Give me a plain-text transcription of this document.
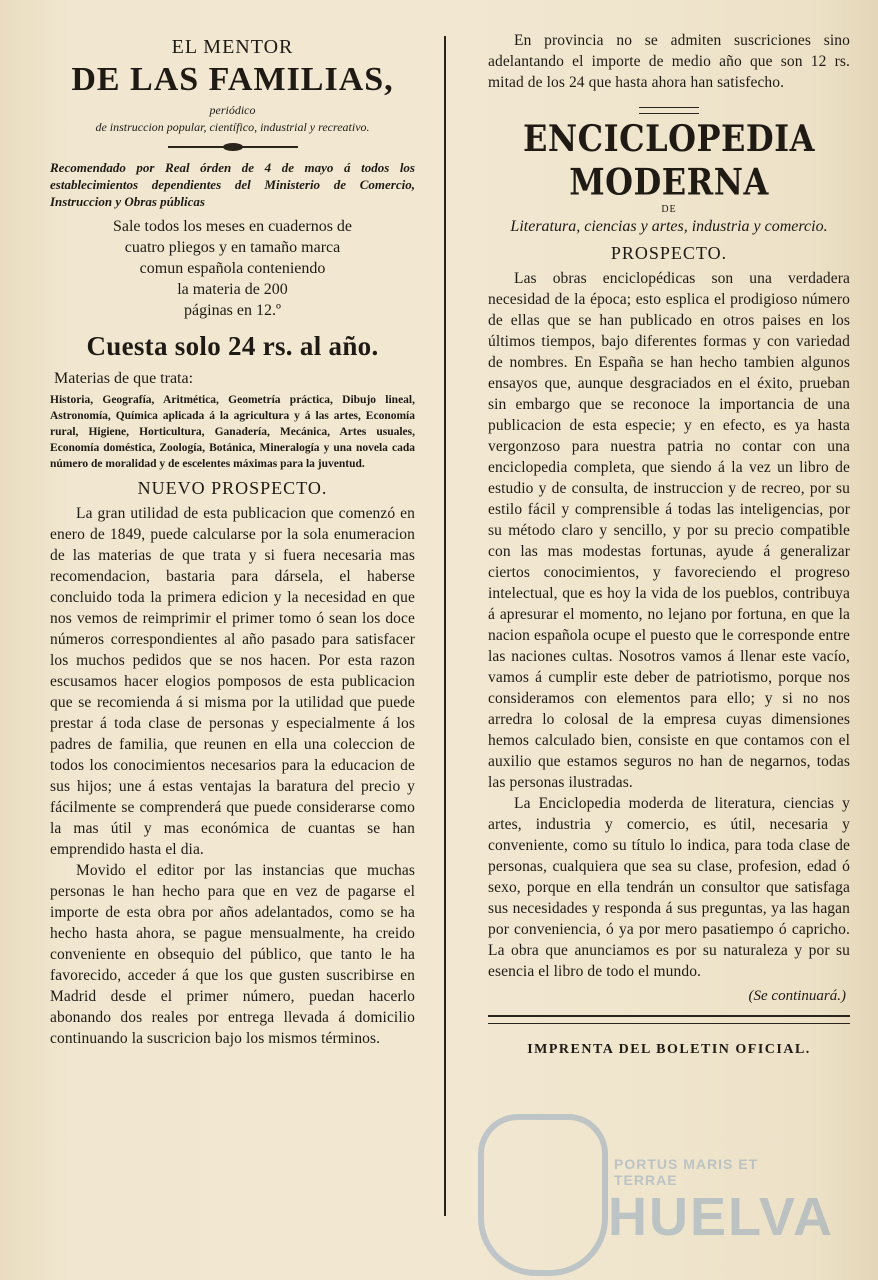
EL MENTOR
DE LAS FAMILIAS,
periódico
de instruccion popular, científico, industrial y recreativo.
Recomendado por Real órden de 4 de mayo á todos los establecimientos dependientes del Ministerio de Comercio, Instruccion y Obras públicas
Sale todos los meses en cuadernos de
cuatro pliegos y en tamaño marca
comun española conteniendo
la materia de 200
páginas en 12.º
Cuesta solo 24 rs. al año.
Materias de que trata:
Historia, Geografía, Aritmética, Geometría práctica, Dibujo lineal, Astronomía, Química aplicada á la agricultura y á las artes, Economía rural, Higiene, Horticultura, Ganadería, Mecánica, Artes usuales, Economía doméstica, Zoología, Botánica, Mineralogía y una novela cada número de moralidad y de escelentes máximas para la juventud.
NUEVO PROSPECTO.

La gran utilidad de esta publicacion que comenzó en enero de 1849, puede calcularse por la sola enumeracion de las materias de que trata y si fuera necesaria mas recomendacion, bastaria para dársela, el haberse concluido toda la primera edicion y la necesidad en que nos vemos de reimprimir el primer tomo ó sean los doce números correspondientes al año pasado para satisfacer los muchos pedidos que se nos hacen. Por esta razon escusamos hacer elogios pomposos de esta publicacion que se recomienda á si misma por la utilidad que puede prestar á toda clase de personas y especialmente á los padres de familia, que reunen en ella una coleccion de todos los conocimientos necesarios para la educacion de sus hijos; une á estas ventajas la baratura del precio y fácilmente se comprenderá que puede considerarse como la mas útil y mas económica de cuantas se han emprendido hasta el dia.

Movido el editor por las instancias que muchas personas le han hecho para que en vez de pagarse el importe de esta obra por años adelantados, como se ha hecho hasta ahora, se pague mensualmente, ha creido conveniente en obsequio del público, que tanto le ha favorecido, acceder á que los que gusten suscribirse en Madrid desde el primer número, puedan hacerlo abonando dos reales por entrega llevada á domicilio continuando la suscricion bajo los mismos términos.

En provincia no se admiten suscriciones sino adelantando el importe de medio año que son 12 rs. mitad de los 24 que hasta ahora han satisfecho.

ENCICLOPEDIA MODERNA
DE
Literatura, ciencias y artes, industria y comercio.
PROSPECTO.

Las obras enciclopédicas son una verdadera necesidad de la época; esto esplica el prodigioso número de ellas que se han publicado en otros paises en los últimos tiempos, bajo diferentes formas y con variedad de nombres. En España se han hecho tambien algunos ensayos que, aunque desgraciados en el éxito, prueban sin embargo que se reconoce la importancia de una publicacion de esta especie; y en efecto, es ya hasta vergonzoso para nuestra patria no contar con una enciclopedia completa, que siendo á la vez un libro de estudio y de consulta, de instruccion y de recreo, por su estilo fácil y comprensible á todas las inteligencias, por su método claro y sencillo, y por su precio compatible con las mas modestas fortunas, ayude á generalizar ciertos conocimientos, y favoreciendo el progreso intelectual, que es hoy la vida de los pueblos, contribuya á apresurar el momento, no lejano por fortuna, en que la nacion española ocupe el puesto que le corresponde entre las naciones cultas. Nosotros vamos á llenar este vacío, vamos á cumplir este deber de patriotismo, porque nos consideramos con elementos para ello; y si no nos arredra lo colosal de la empresa cuyas dimensiones hemos calculado bien, consiste en que contamos con el auxilio que estamos seguros no han de negarnos, todas las personas ilustradas.

La Enciclopedia moderda de literatura, ciencias y artes, industria y comercio, es útil, necesaria y conveniente, como su título lo indica, para toda clase de personas, cualquiera que sea su clase, profesion, edad ó sexo, porque en ella tendrán un consultor que satisfaga sus necesidades y responda á sus preguntas, ya las hagan por conveniencia, ó ya por mero pasatiempo ó capricho. La obra que anunciamos es por su naturaleza y por su esencia el libro de todo el mundo.

(Se continuará.)
IMPRENTA DEL BOLETIN OFICIAL.
PORTUS MARIS ET TERRAE
HUELVA
